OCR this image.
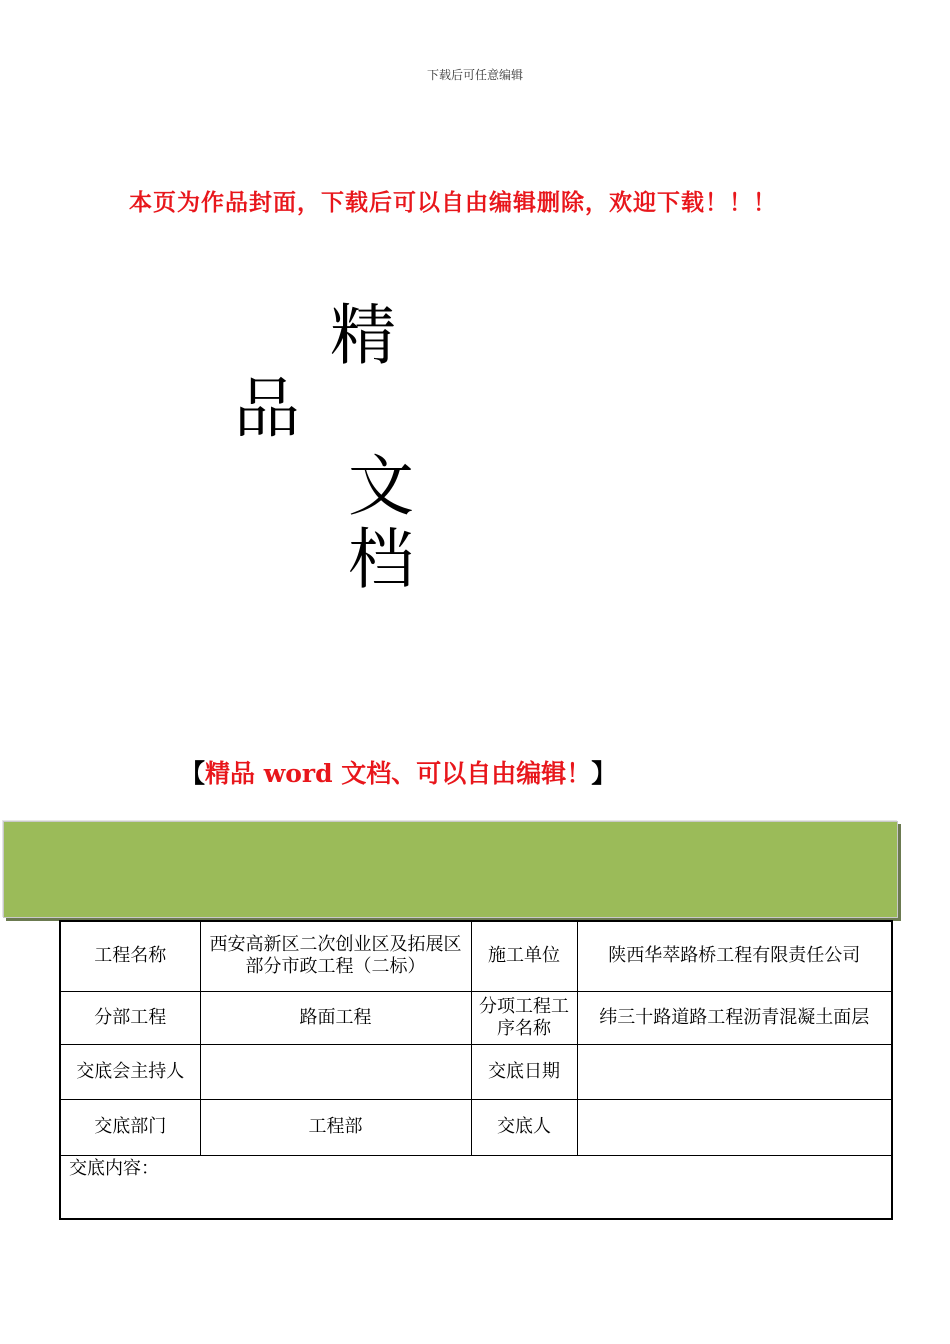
下载后可任意编辑
本页为作品封面，下载后可以自由编辑删除，欢迎下载！！！
精
品
文
档
【精品 word 文档、可以自由编辑！】
工程名称	西安高新区二次创业区及拓展区部分市政工程（二标）	施工单位	陕西华萃路桥工程有限责任公司
分部工程	路面工程	分项工程工序名称	纬三十路道路工程沥青混凝土面层
交底会主持人		交底日期	
交底部门	工程部	交底人	
交底内容：			
